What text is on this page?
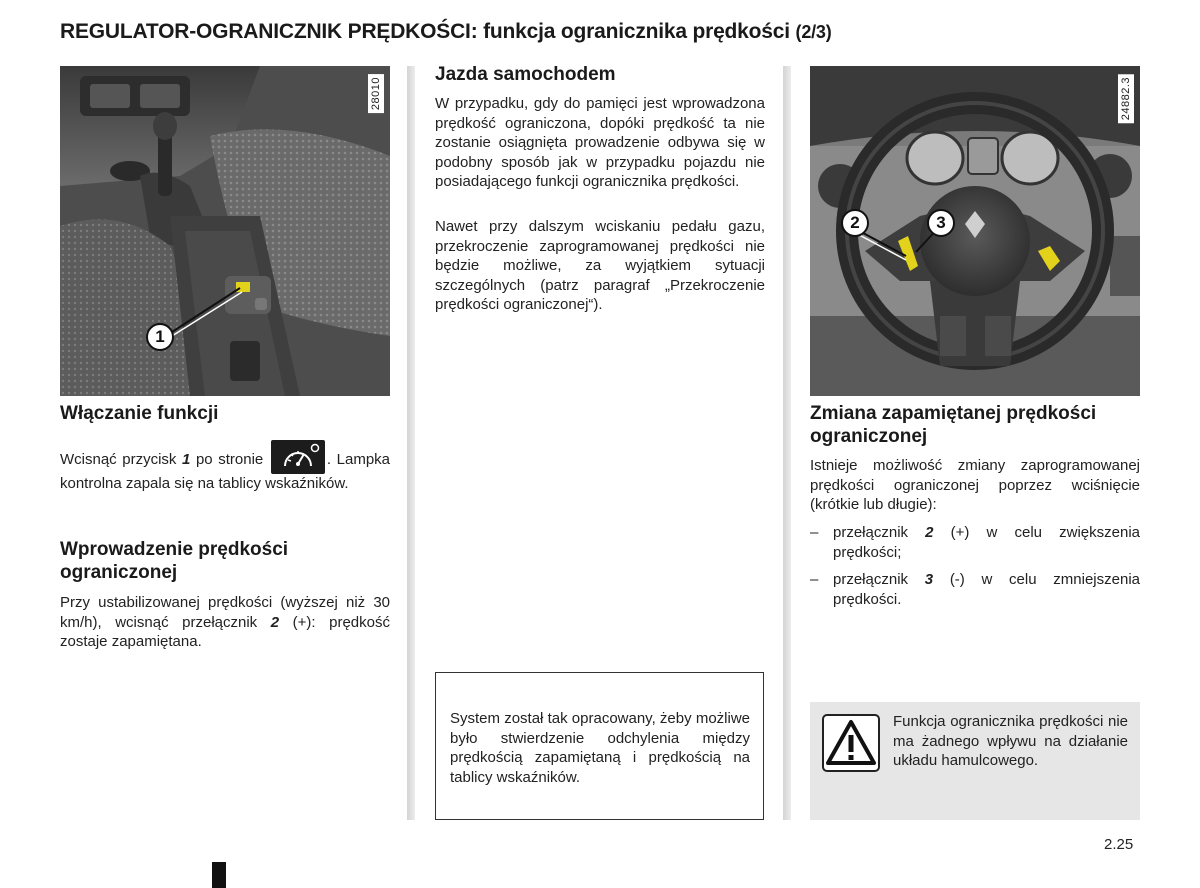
REGULATOR-OGRANICZNIK PRĘDKOŚCI: funkcja ogranicznika prędkości (2/3)
28010
1
24882.3
2	3
Włączanie funkcji
Wcisnąć przycisk 1 po stronie	. Lampka kontrolna zapala się na tablicy wskaźników.
Wprowadzenie prędkości ograniczonej
Przy ustabilizowanej prędkości (wyższej niż 30 km/h), wcisnąć przełącznik 2 (+): prędkość zostaje zapamiętana.
Jazda samochodem
W przypadku, gdy do pamięci jest wprowadzona prędkość ograniczona, dopóki prędkość ta nie zostanie osiągnięta prowadzenie odbywa się w podobny sposób jak w przypadku pojazdu nie posiadającego funkcji ogranicznika prędkości.
Nawet przy dalszym wciskaniu pedału gazu, przekroczenie zaprogramowanej prędkości nie będzie możliwe, za wyjątkiem sytuacji szczególnych (patrz paragraf „Przekroczenie prędkości ograniczonej“).
System został tak opracowany, żeby możliwe było stwierdzenie odchylenia między prędkością zapamiętaną i prędkością na tablicy wskaźników.
Zmiana zapamiętanej prędkości ograniczonej
Istnieje możliwość zmiany zaprogramowanej prędkości ograniczonej poprzez wciśnięcie (krótkie lub długie):
– przełącznik 2 (+) w celu zwiększenia prędkości;
– przełącznik 3 (-) w celu zmniejszenia prędkości.
Funkcja ogranicznika prędkości nie ma żadnego wpływu na działanie układu hamulcowego.
2.25
